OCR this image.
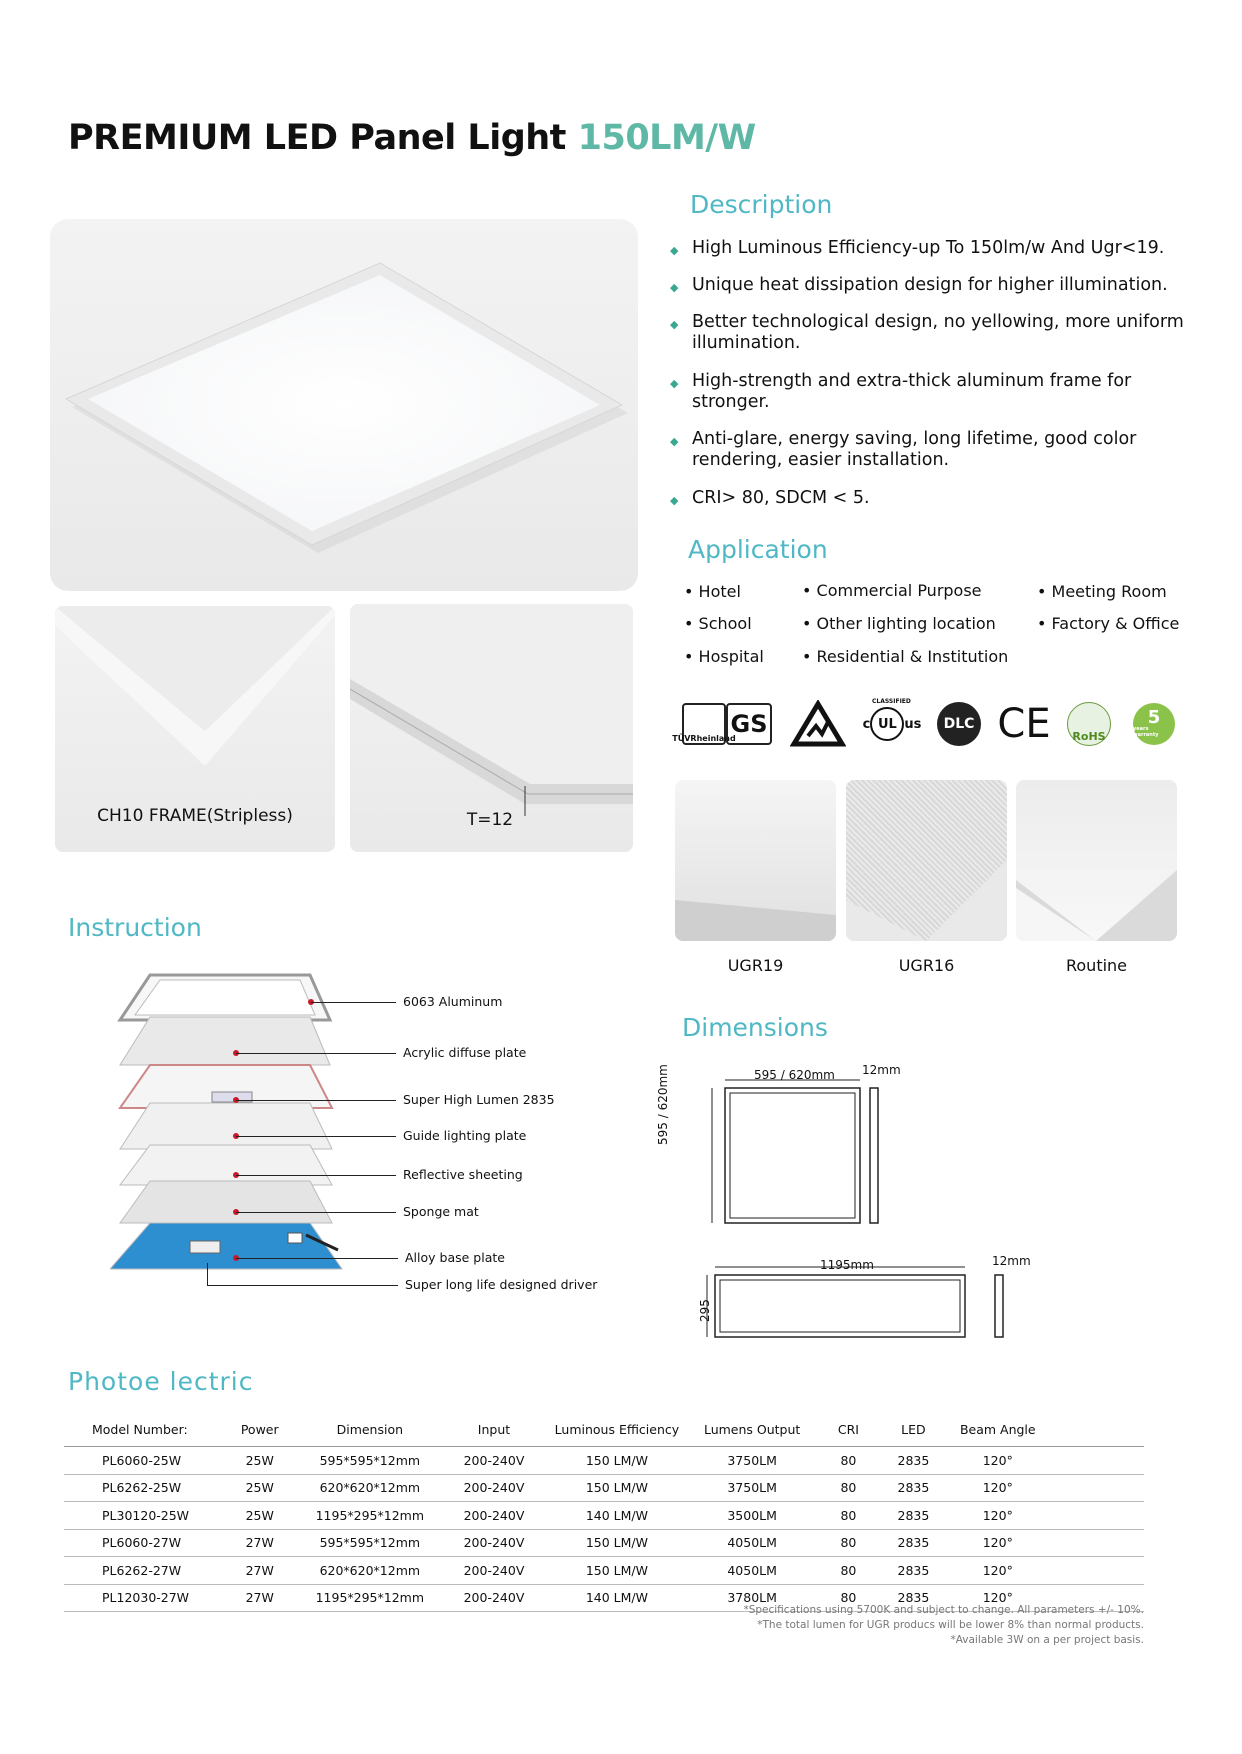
PREMIUM LED Panel Light 150LM/W
CH10 FRAME(Stripless)	T=12
Description
◆ High Luminous Efficiency-up To 150lm/w And Ugr<19.
◆ Unique heat dissipation design for higher illumination.
◆ Better technological design, no yellowing, more uniform illumination.
◆ High-strength and extra-thick aluminum frame for stronger.
◆ Anti-glare, energy saving, long lifetime, good color rendering, easier installation.
◆ CRI> 80, SDCM < 5.
Application
• Hotel
• School
• Hospital
• Commercial Purpose
• Other lighting location
• Residential & Institution
• Meeting Room
• Factory & Office
TÜVRheinland
GS	c UL us
CLASSIFIED
DLC CE	RoHS
5
years warranty
UGR19	UGR16	Routine
Instruction
6063 Aluminum
Acrylic diffuse plate
Super High Lumen 2835
Guide lighting plate
Reflective sheeting
Sponge mat
Alloy base plate
Super long life designed driver
Dimensions
595 / 620mm 12mm
595 / 620mm
1195mm	12mm
295
Photoe lectric
Model Number:	Power	Dimension	Input	Luminous Efficiency	Lumens Output	CRI	LED	Beam Angle	
PL6060-25W	25W	595*595*12mm	200-240V	150 LM/W	3750LM	80	2835	120°	
PL6262-25W	25W	620*620*12mm	200-240V	150 LM/W	3750LM	80	2835	120°	
PL30120-25W	25W	1195*295*12mm	200-240V	140 LM/W	3500LM	80	2835	120°	
PL6060-27W	27W	595*595*12mm	200-240V	150 LM/W	4050LM	80	2835	120°	
PL6262-27W	27W	620*620*12mm	200-240V	150 LM/W	4050LM	80	2835	120°	
PL12030-27W	27W	1195*295*12mm	200-240V	140 LM/W	3780LM	80	2835	120°	
*Specifications using 5700K and subject to change. All parameters +/- 10%.
*The total lumen for UGR producs will be lower 8% than normal products.
*Available 3W on a per project basis.
